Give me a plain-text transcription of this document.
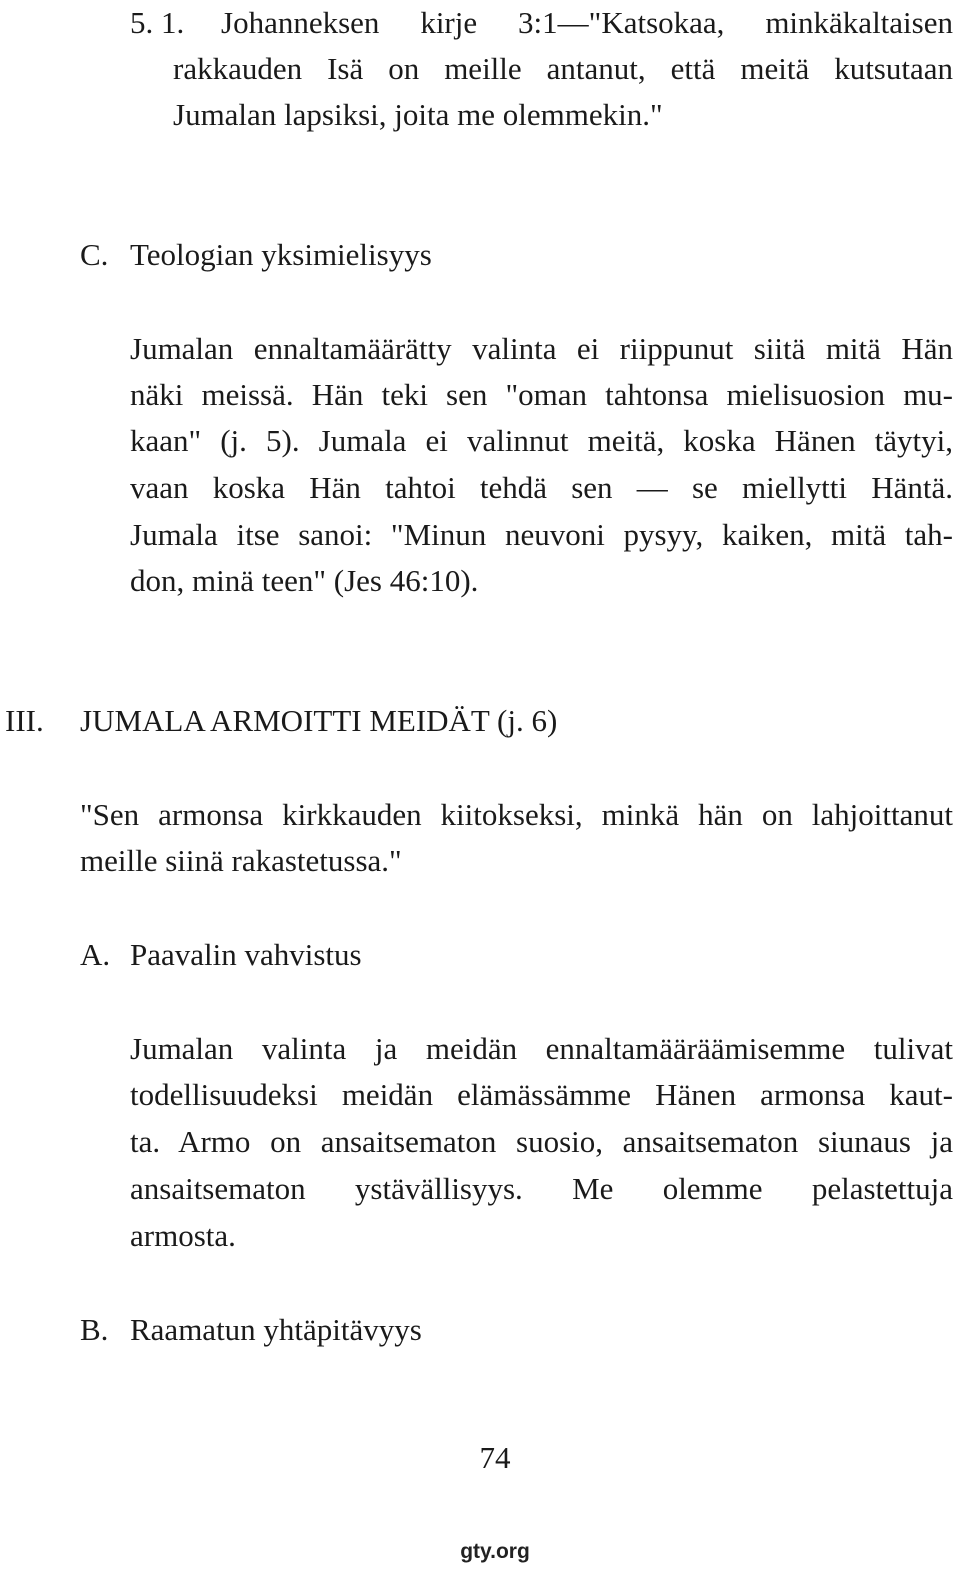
5. 1. Johanneksen kirje 3:1—"Katsokaa, minkäkaltaisen
rakkauden Isä on meille antanut, että meitä kutsutaan
Jumalan lapsiksi, joita me olemmekin."
C. Teologian yksimielisyys
Jumalan ennaltamäärätty valinta ei riippunut siitä mitä Hän
näki meissä. Hän teki sen "oman tahtonsa mielisuosion mu-
kaan" (j. 5). Jumala ei valinnut meitä, koska Hänen täytyi,
vaan koska Hän tahtoi tehdä sen — se miellytti Häntä.
Jumala itse sanoi: "Minun neuvoni pysyy, kaiken, mitä tah-
don, minä teen" (Jes 46:10).
III. JUMALA ARMOITTI MEIDÄT (j. 6)
"Sen armonsa kirkkauden kiitokseksi, minkä hän on lahjoittanut
meille siinä rakastetussa."
A. Paavalin vahvistus
Jumalan valinta ja meidän ennaltamääräämisemme tulivat
todellisuudeksi meidän elämässämme Hänen armonsa kaut-
ta. Armo on ansaitsematon suosio, ansaitsematon siunaus ja
ansaitsematon ystävällisyys. Me olemme pelastettuja
armosta.
B. Raamatun yhtäpitävyys
74
gty.org
